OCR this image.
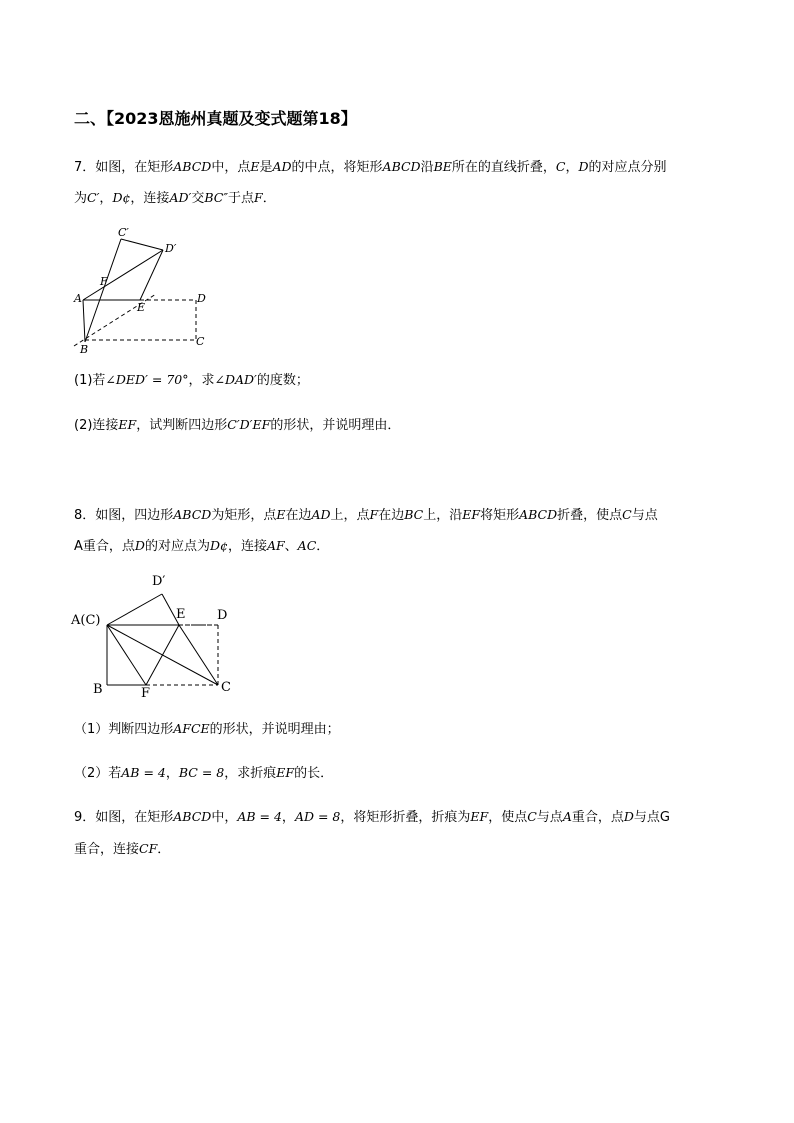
二、【2023恩施州真题及变式题第18】
7．如图，在矩形ABCD中，点E是AD的中点，将矩形ABCD沿BE所在的直线折叠，C，D的对应点分别
为C′，D¢，连接AD′交BC″于点F．
C′
D′
F
A
E
D
B
C
(1)若∠DED′ = 70°，求∠DAD′的度数；
(2)连接EF，试判断四边形C′D′EF的形状，并说明理由．
8．如图，四边形ABCD为矩形，点E在边AD上，点F在边BC上，沿EF将矩形ABCD折叠，使点C与点
A重合，点D的对应点为D¢，连接AF、AC．
D′
A(C)	E D
B	F	C
（1）判断四边形AFCE的形状，并说明理由；
（2）若AB = 4，BC = 8，求折痕EF的长．
9．如图，在矩形ABCD中，AB = 4，AD = 8，将矩形折叠，折痕为EF，使点C与点A重合，点D与点G
重合，连接CF．
